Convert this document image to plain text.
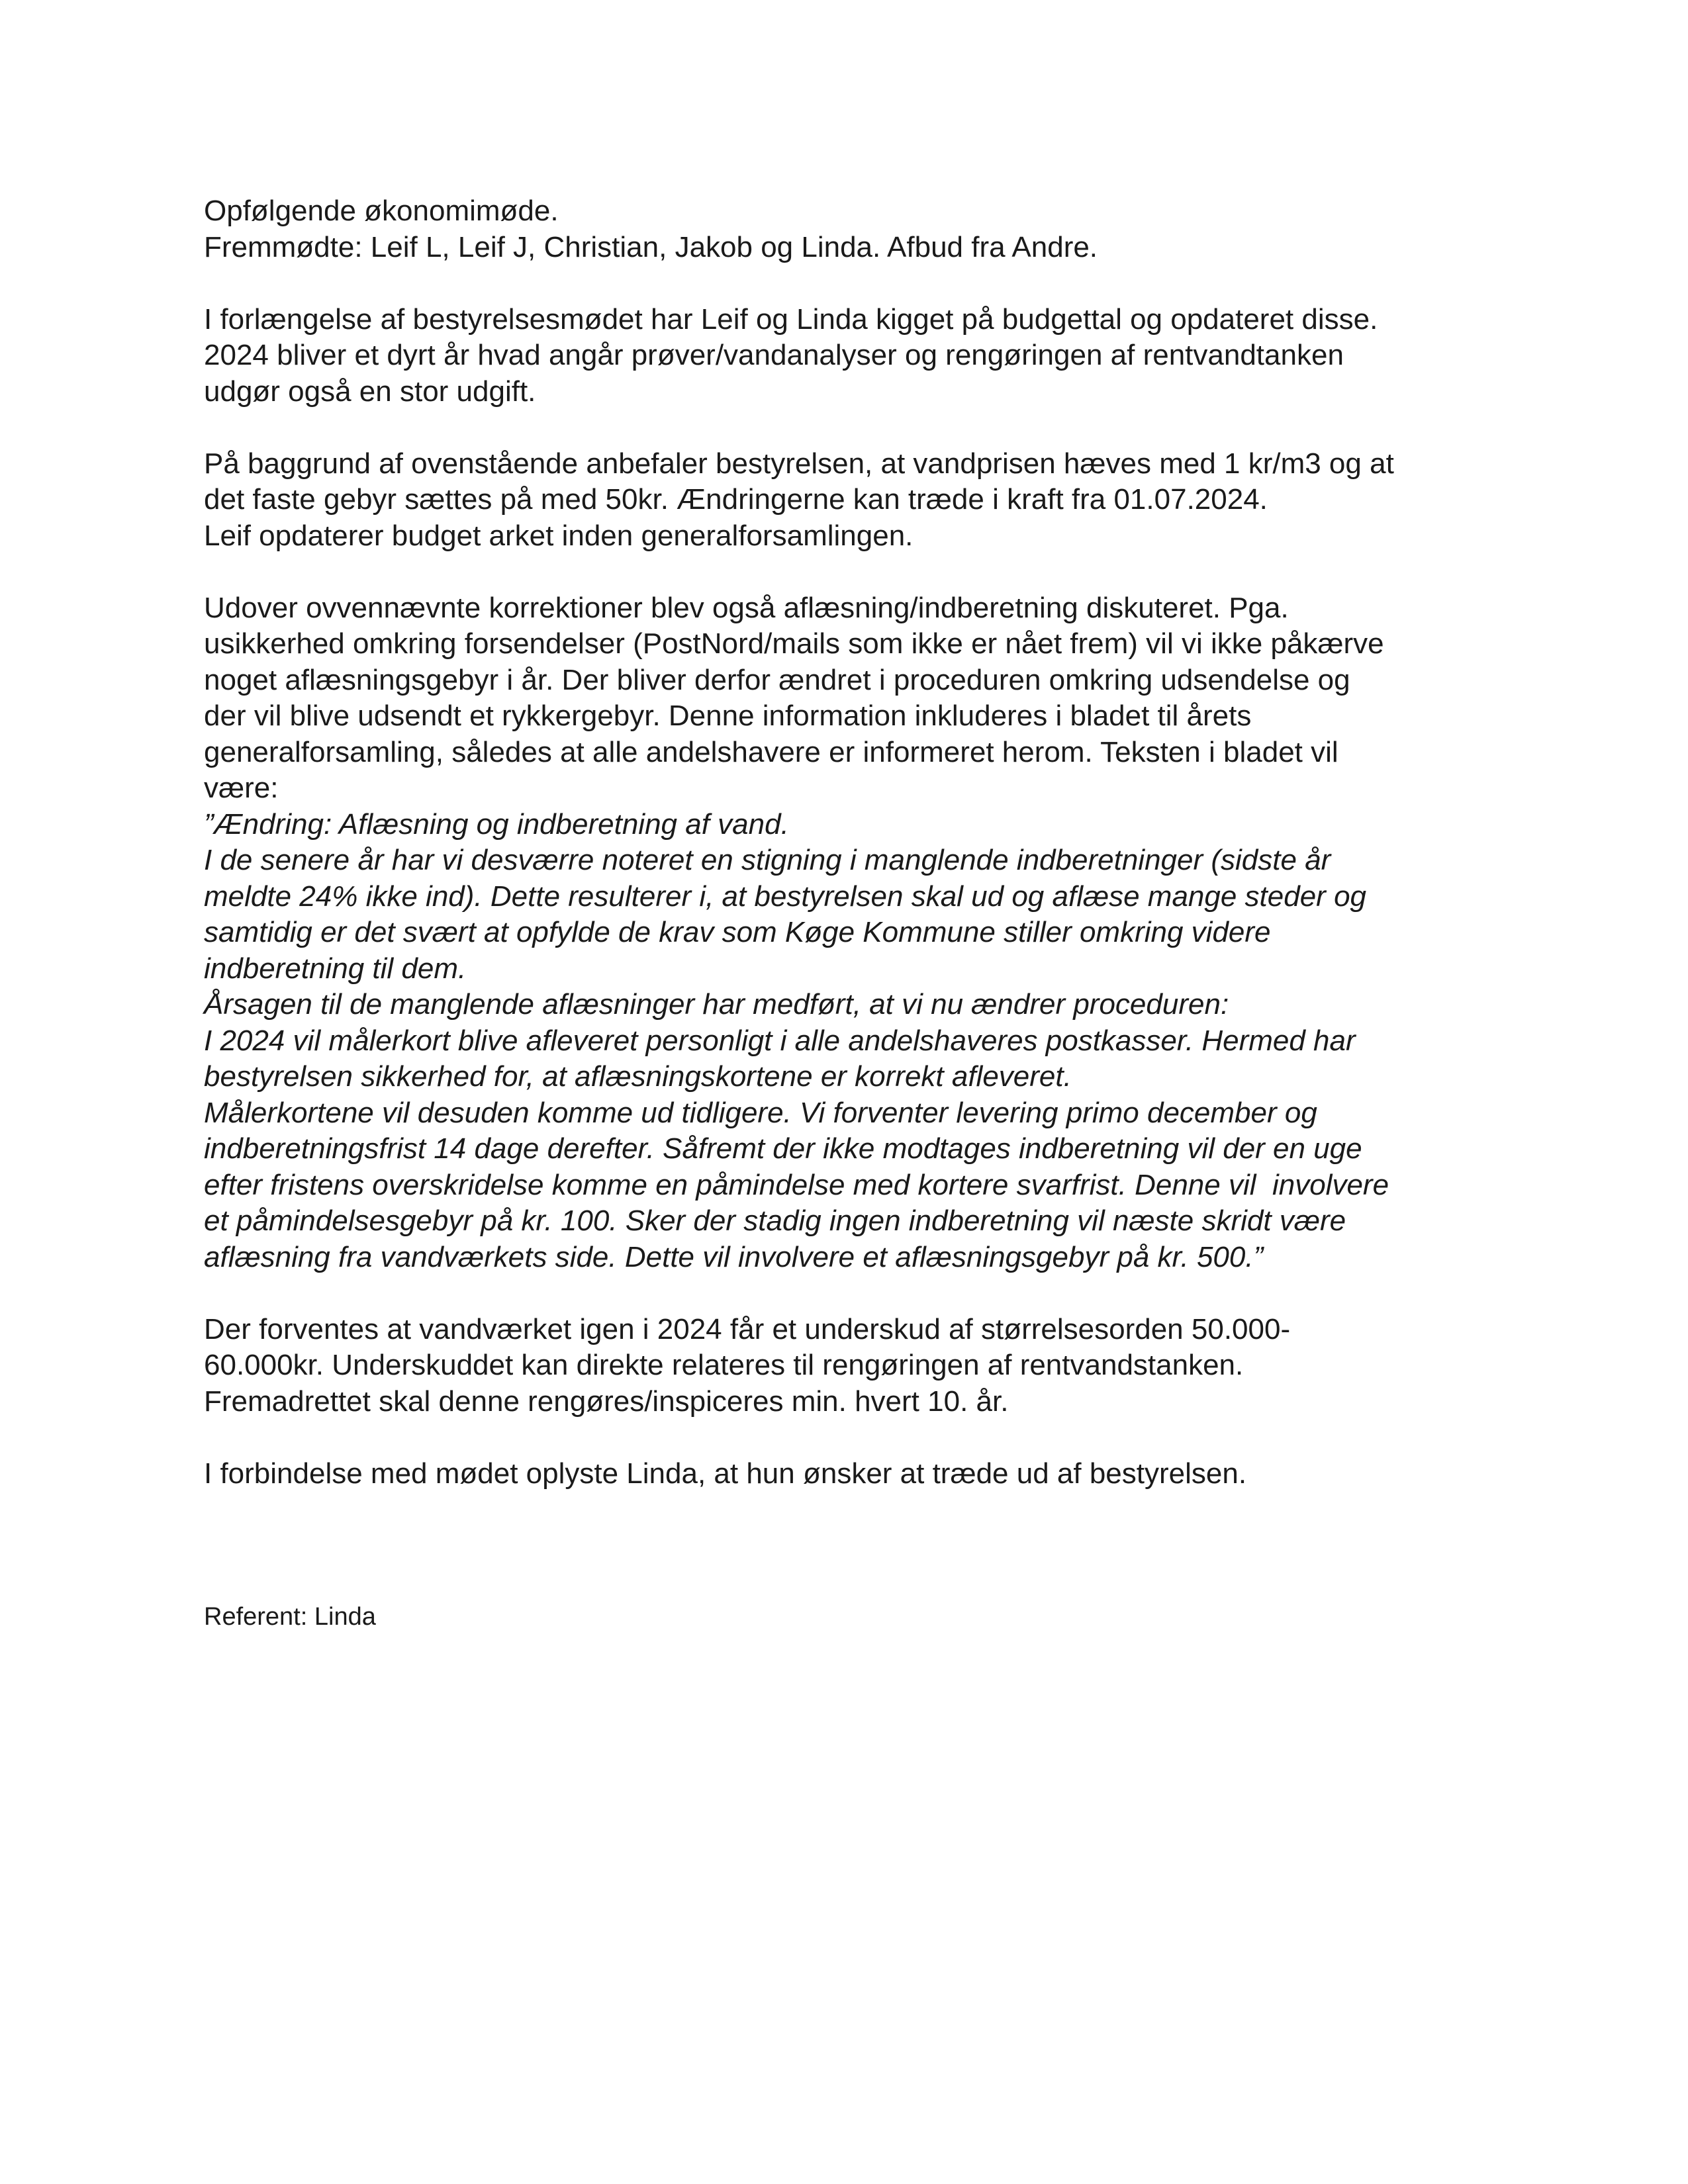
Opfølgende økonomimøde.

Fremmødte: Leif L, Leif J, Christian, Jakob og Linda. Afbud fra Andre.

I forlængelse af bestyrelsesmødet har Leif og Linda kigget på budgettal og opdateret disse.

2024 bliver et dyrt år hvad angår prøver/vandanalyser og rengøringen af rentvandtanken

udgør også en stor udgift.

På baggrund af ovenstående anbefaler bestyrelsen, at vandprisen hæves med 1 kr/m3 og at

det faste gebyr sættes på med 50kr. Ændringerne kan træde i kraft fra 01.07.2024.

Leif opdaterer budget arket inden generalforsamlingen.

Udover ovvennævnte korrektioner blev også aflæsning/indberetning diskuteret. Pga.

usikkerhed omkring forsendelser (PostNord/mails som ikke er nået frem) vil vi ikke påkærve

noget aflæsningsgebyr i år. Der bliver derfor ændret i proceduren omkring udsendelse og

der vil blive udsendt et rykkergebyr. Denne information inkluderes i bladet til årets

generalforsamling, således at alle andelshavere er informeret herom. Teksten i bladet vil

være:

”Ændring: Aflæsning og indberetning af vand.

I de senere år har vi desværre noteret en stigning i manglende indberetninger (sidste år

meldte 24% ikke ind). Dette resulterer i, at bestyrelsen skal ud og aflæse mange steder og

samtidig er det svært at opfylde de krav som Køge Kommune stiller omkring videre

indberetning til dem.

Årsagen til de manglende aflæsninger har medført, at vi nu ændrer proceduren:

I 2024 vil målerkort blive afleveret personligt i alle andelshaveres postkasser. Hermed har

bestyrelsen sikkerhed for, at aflæsningskortene er korrekt afleveret.

Målerkortene vil desuden komme ud tidligere. Vi forventer levering primo december og

indberetningsfrist 14 dage derefter. Såfremt der ikke modtages indberetning vil der en uge

efter fristens overskridelse komme en påmindelse med kortere svarfrist. Denne vil  involvere

et påmindelsesgebyr på kr. 100. Sker der stadig ingen indberetning vil næste skridt være

aflæsning fra vandværkets side. Dette vil involvere et aflæsningsgebyr på kr. 500.”

Der forventes at vandværket igen i 2024 får et underskud af størrelsesorden 50.000-

60.000kr. Underskuddet kan direkte relateres til rengøringen af rentvandstanken.

Fremadrettet skal denne rengøres/inspiceres min. hvert 10. år.

I forbindelse med mødet oplyste Linda, at hun ønsker at træde ud af bestyrelsen.

Referent: Linda
